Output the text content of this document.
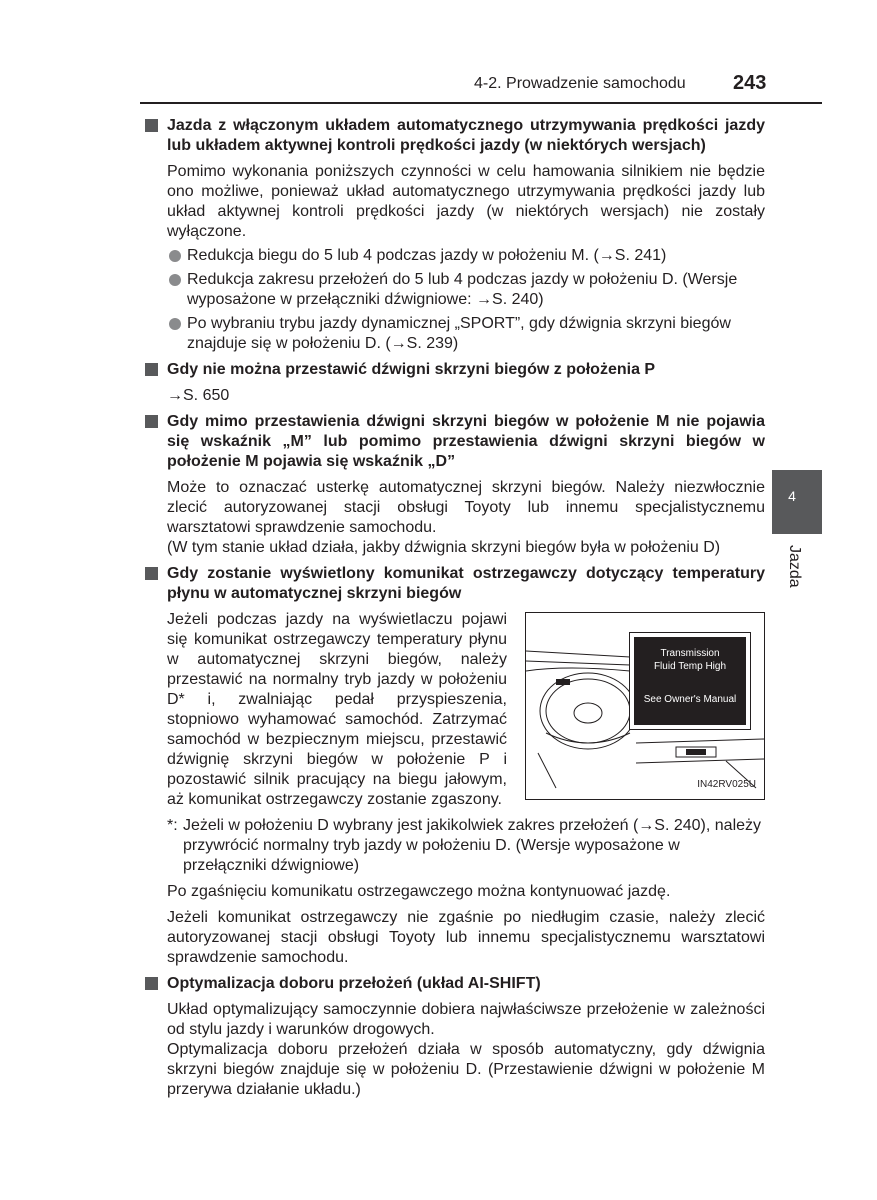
4-2. Prowadzenie samochodu 243
4
Jazda
Jazda z włączonym układem automatycznego utrzymywania prędkości jazdy lub układem aktywnej kontroli prędkości jazdy (w niektórych wersjach)
Pomimo wykonania poniższych czynności w celu hamowania silnikiem nie będzie ono możliwe, ponieważ układ automatycznego utrzymywania prędkości jazdy lub układ aktywnej kontroli prędkości jazdy (w niektórych wersjach) nie zostały wyłączone.
Redukcja biegu do 5 lub 4 podczas jazdy w położeniu M. (→S. 241)
Redukcja zakresu przełożeń do 5 lub 4 podczas jazdy w położeniu D. (Wersje wyposażone w przełączniki dźwigniowe: →S. 240)
Po wybraniu trybu jazdy dynamicznej „SPORT”, gdy dźwignia skrzyni biegów znajduje się w położeniu D. (→S. 239)
Gdy nie można przestawić dźwigni skrzyni biegów z położenia P
→S. 650
Gdy mimo przestawienia dźwigni skrzyni biegów w położenie M nie pojawia się wskaźnik „M” lub pomimo przestawienia dźwigni skrzyni biegów w położenie M pojawia się wskaźnik „D”
Może to oznaczać usterkę automatycznej skrzyni biegów. Należy niezwłocznie zlecić autoryzowanej stacji obsługi Toyoty lub innemu specjalistycznemu warsztatowi sprawdzenie samochodu.
(W tym stanie układ działa, jakby dźwignia skrzyni biegów była w położeniu D)
Gdy zostanie wyświetlony komunikat ostrzegawczy dotyczący temperatury płynu w automatycznej skrzyni biegów
Jeżeli podczas jazdy na wyświetlaczu pojawi się komunikat ostrzegawczy temperatury płynu w automatycznej skrzyni biegów, należy przestawić na normalny tryb jazdy w położeniu D* i, zwalniając pedał przyspieszenia, stopniowo wyhamować samochód. Zatrzymać samochód w bezpiecznym miejscu, przestawić dźwignię skrzyni biegów w położenie P i pozostawić silnik pracujący na biegu jałowym, aż komunikat ostrzegawczy zostanie zgaszony.
Transmission
Fluid Temp High
See Owner's Manual
IN42RV025U
*: Jeżeli w położeniu D wybrany jest jakikolwiek zakres przełożeń (→S. 240), należy przywrócić normalny tryb jazdy w położeniu D. (Wersje wyposażone w przełączniki dźwigniowe)
Po zgaśnięciu komunikatu ostrzegawczego można kontynuować jazdę.
Jeżeli komunikat ostrzegawczy nie zgaśnie po niedługim czasie, należy zlecić autoryzowanej stacji obsługi Toyoty lub innemu specjalistycznemu warsztatowi sprawdzenie samochodu.
Optymalizacja doboru przełożeń (układ AI-SHIFT)
Układ optymalizujący samoczynnie dobiera najwłaściwsze przełożenie w zależności od stylu jazdy i warunków drogowych.
Optymalizacja doboru przełożeń działa w sposób automatyczny, gdy dźwignia skrzyni biegów znajduje się w położeniu D. (Przestawienie dźwigni w położenie M przerywa działanie układu.)
